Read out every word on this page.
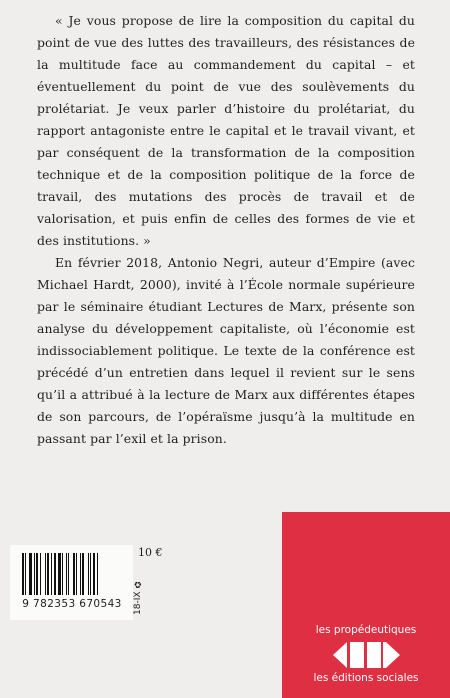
« Je vous propose de lire la composition du capital du point de vue des luttes des travailleurs, des résistances de la multitude face au commandement du capital – et éventuellement du point de vue des soulèvements du prolétariat. Je veux parler d’histoire du prolétariat, du rapport antagoniste entre le capital et le travail vivant, et par conséquent de la transformation de la composition technique et de la composition politique de la force de travail, des mutations des procès de travail et de valorisation, et puis enfin de celles des formes de vie et des institutions. »

En février 2018, Antonio Negri, auteur d’Empire (avec Michael Hardt, 2000), invité à l’École normale supérieure par le séminaire étudiant Lectures de Marx, présente son analyse du développement capitaliste, où l’économie est indissociablement politique. Le texte de la conférence est précédé d’un entretien dans lequel il revient sur le sens qu’il a attribué à la lecture de Marx aux différentes étapes de son parcours, de l’opéraïsme jusqu’à la multitude en passant par l’exil et la prison.

9 782353 670543
10 €
18-IX ♻
les propédeutiques
les éditions sociales
